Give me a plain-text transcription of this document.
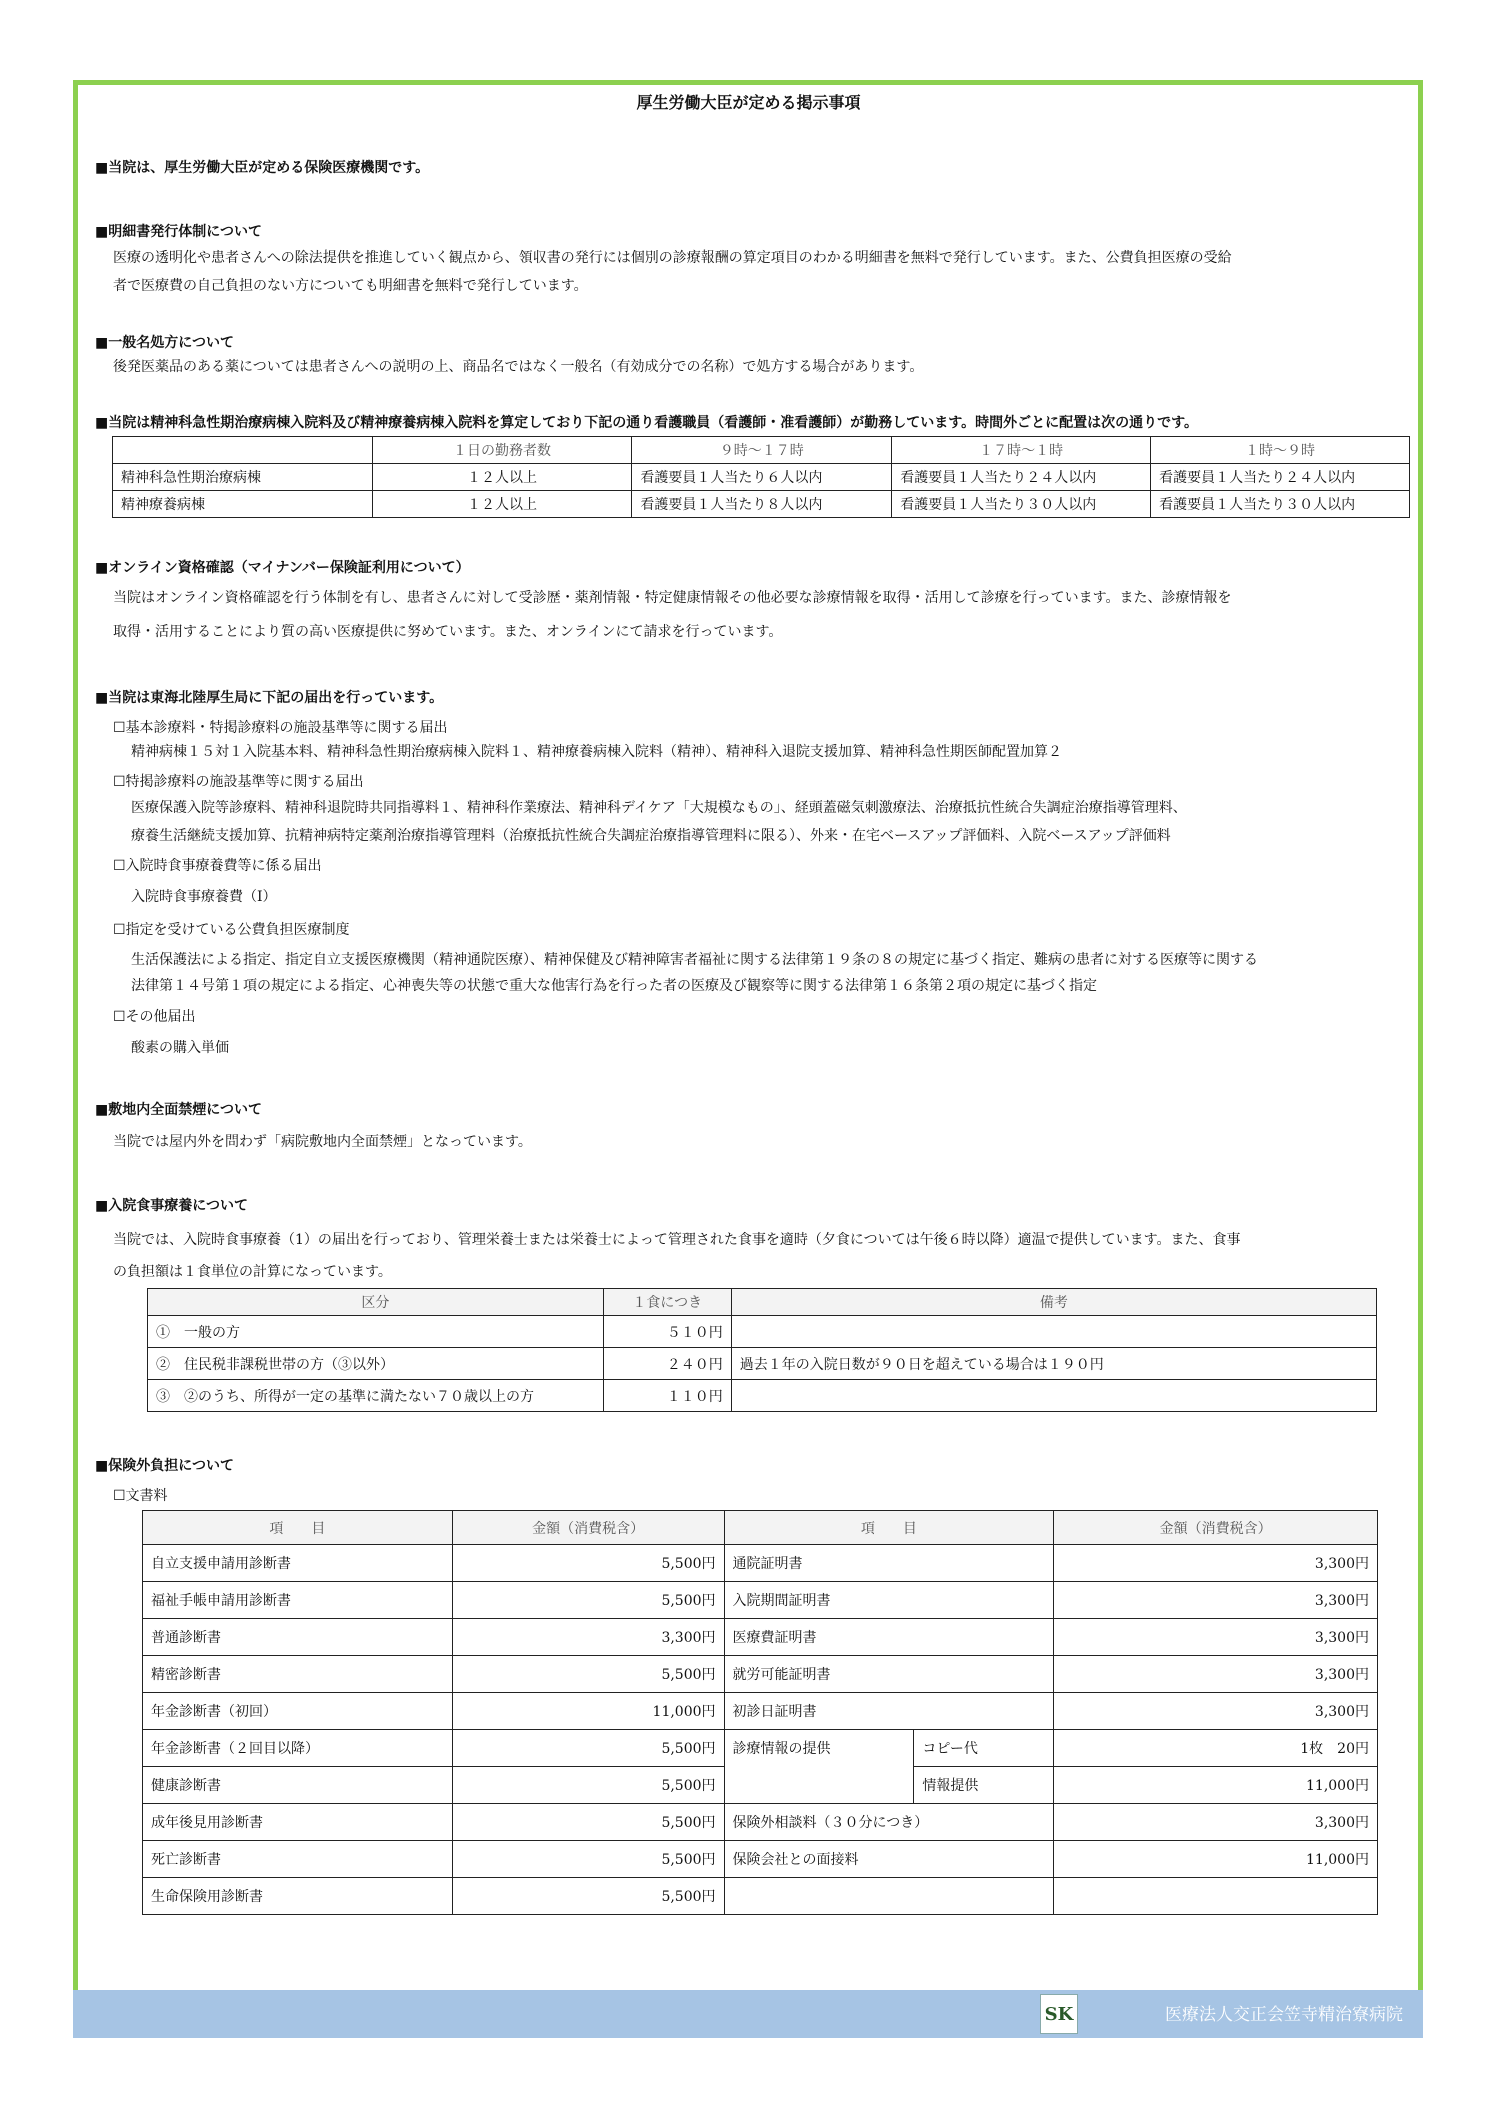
厚生労働大臣が定める掲示事項
■当院は、厚生労働大臣が定める保険医療機関です。
■明細書発行体制について
医療の透明化や患者さんへの除法提供を推進していく観点から、領収書の発行には個別の診療報酬の算定項目のわかる明細書を無料で発行しています。また、公費負担医療の受給
者で医療費の自己負担のない方についても明細書を無料で発行しています。
■一般名処方について
後発医薬品のある薬については患者さんへの説明の上、商品名ではなく一般名（有効成分での名称）で処方する場合があります。
■当院は精神科急性期治療病棟入院料及び精神療養病棟入院料を算定しており下記の通り看護職員（看護師・准看護師）が勤務しています。時間外ごとに配置は次の通りです。
	１日の勤務者数	９時～１７時	１７時～１時	１時～９時
精神科急性期治療病棟	１２人以上	看護要員１人当たり６人以内	看護要員１人当たり２４人以内	看護要員１人当たり２４人以内
精神療養病棟	１２人以上	看護要員１人当たり８人以内	看護要員１人当たり３０人以内	看護要員１人当たり３０人以内
■オンライン資格確認（マイナンバー保険証利用について）
当院はオンライン資格確認を行う体制を有し、患者さんに対して受診歴・薬剤情報・特定健康情報その他必要な診療情報を取得・活用して診療を行っています。また、診療情報を
取得・活用することにより質の高い医療提供に努めています。また、オンラインにて請求を行っています。
■当院は東海北陸厚生局に下記の届出を行っています。
☐基本診療料・特掲診療料の施設基準等に関する届出
精神病棟１５対１入院基本料、精神科急性期治療病棟入院料１、精神療養病棟入院料（精神）、精神科入退院支援加算、精神科急性期医師配置加算２
☐特掲診療料の施設基準等に関する届出
医療保護入院等診療料、精神科退院時共同指導料１、精神科作業療法、精神科デイケア「大規模なもの」、経頭蓋磁気刺激療法、治療抵抗性統合失調症治療指導管理料、
療養生活継続支援加算、抗精神病特定薬剤治療指導管理料（治療抵抗性統合失調症治療指導管理料に限る）、外来・在宅ベースアップ評価料、入院ベースアップ評価料
☐入院時食事療養費等に係る届出
入院時食事療養費（Ⅰ）
☐指定を受けている公費負担医療制度
生活保護法による指定、指定自立支援医療機関（精神通院医療）、精神保健及び精神障害者福祉に関する法律第１９条の８の規定に基づく指定、難病の患者に対する医療等に関する
法律第１４号第１項の規定による指定、心神喪失等の状態で重大な他害行為を行った者の医療及び観察等に関する法律第１６条第２項の規定に基づく指定
☐その他届出
酸素の購入単価
■敷地内全面禁煙について
当院では屋内外を問わず「病院敷地内全面禁煙」となっています。
■入院食事療養について
当院では、入院時食事療養（1）の届出を行っており、管理栄養士または栄養士によって管理された食事を適時（夕食については午後６時以降）適温で提供しています。また、食事
の負担額は１食単位の計算になっています。
区分	１食につき	備考
①　一般の方	５１０円	
②　住民税非課税世帯の方（③以外）	２４０円	過去１年の入院日数が９０日を超えている場合は１９０円
③　②のうち、所得が一定の基準に満たない７０歳以上の方	１１０円	
■保険外負担について
☐文書料
項　　目	金額（消費税含）	項　　目		金額（消費税含）
自立支援申請用診断書	5,500円	通院証明書		3,300円
福祉手帳申請用診断書	5,500円	入院期間証明書		3,300円
普通診断書	3,300円	医療費証明書		3,300円
精密診断書	5,500円	就労可能証明書		3,300円
年金診断書（初回）	11,000円	初診日証明書		3,300円
年金診断書（２回目以降）	5,500円	診療情報の提供	コピー代	1枚　20円
健康診断書	5,500円		情報提供	11,000円
成年後見用診断書	5,500円	保険外相談料（３０分につき）		3,300円
死亡診断書	5,500円	保険会社との面接料		11,000円
生命保険用診断書	5,500円			
SK	医療法人交正会笠寺精治寮病院
